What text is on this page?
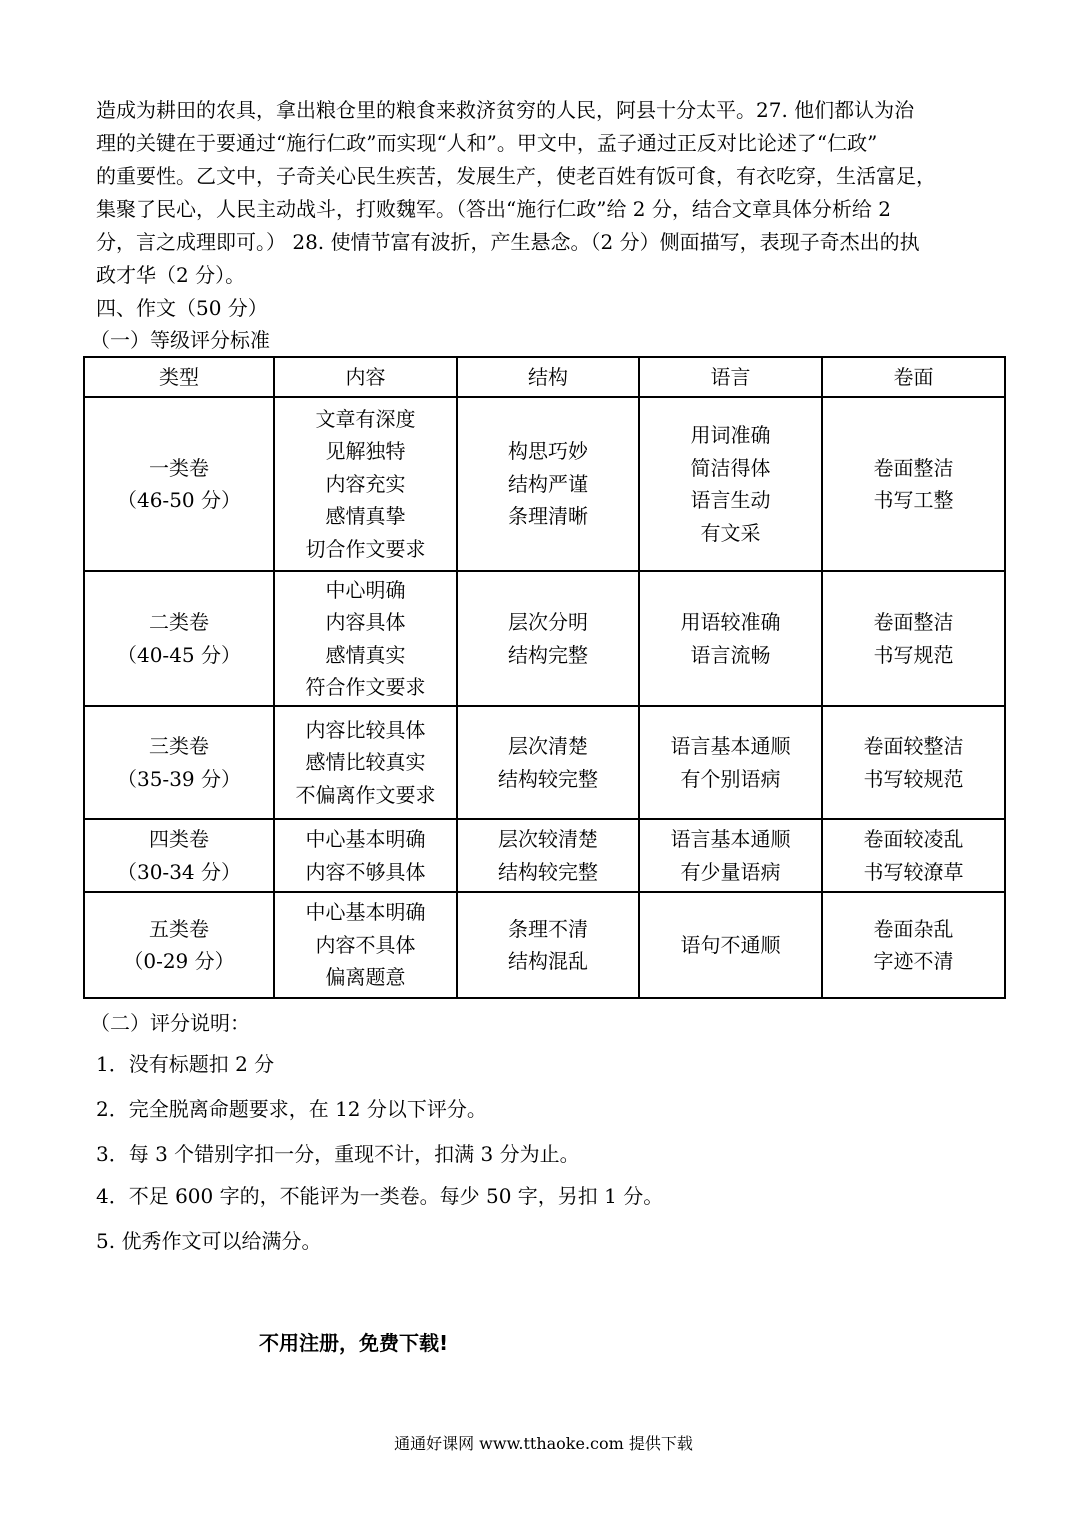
造成为耕田的农具，拿出粮仓里的粮食来救济贫穷的人民，阿县十分太平。27. 他们都认为治

理的关键在于要通过“施行仁政”而实现“人和”。甲文中，孟子通过正反对比论述了“仁政”

的重要性。乙文中，子奇关心民生疾苦，发展生产，使老百姓有饭可食，有衣吃穿，生活富足，

集聚了民心，人民主动战斗，打败魏军。（答出“施行仁政”给 2 分，结合文章具体分析给 2

分，言之成理即可。） 28. 使情节富有波折，产生悬念。（2 分）侧面描写，表现子奇杰出的执

政才华（2 分）。

四、作文（50 分）
（一）等级评分标准
类型	内容	结构	语言	卷面

一类卷
（46-50 分）	文章有深度
见解独特
内容充实
感情真挚
切合作文要求	构思巧妙
结构严谨
条理清晰	用词准确
简洁得体
语言生动
有文采	卷面整洁
书写工整

二类卷
（40-45 分）	中心明确
内容具体
感情真实
符合作文要求	层次分明
结构完整	用语较准确
语言流畅	卷面整洁
书写规范

三类卷
（35-39 分）	内容比较具体
感情比较真实
不偏离作文要求	层次清楚
结构较完整	语言基本通顺
有个别语病	卷面较整洁
书写较规范

四类卷
（30-34 分）	中心基本明确
内容不够具体	层次较清楚
结构较完整	语言基本通顺
有少量语病	卷面较凌乱
书写较潦草

五类卷
（0-29 分）	中心基本明确
内容不具体
偏离题意	条理不清
结构混乱	语句不通顺	卷面杂乱
字迹不清
（二）评分说明：
1．没有标题扣 2 分
2．完全脱离命题要求，在 12 分以下评分。
3．每 3 个错别字扣一分，重现不计，扣满 3 分为止。
4．不足 600 字的，不能评为一类卷。每少 50 字，另扣 1 分。
5. 优秀作文可以给满分。
不用注册，免费下载!
通通好课网 www.tthaoke.com 提供下载
